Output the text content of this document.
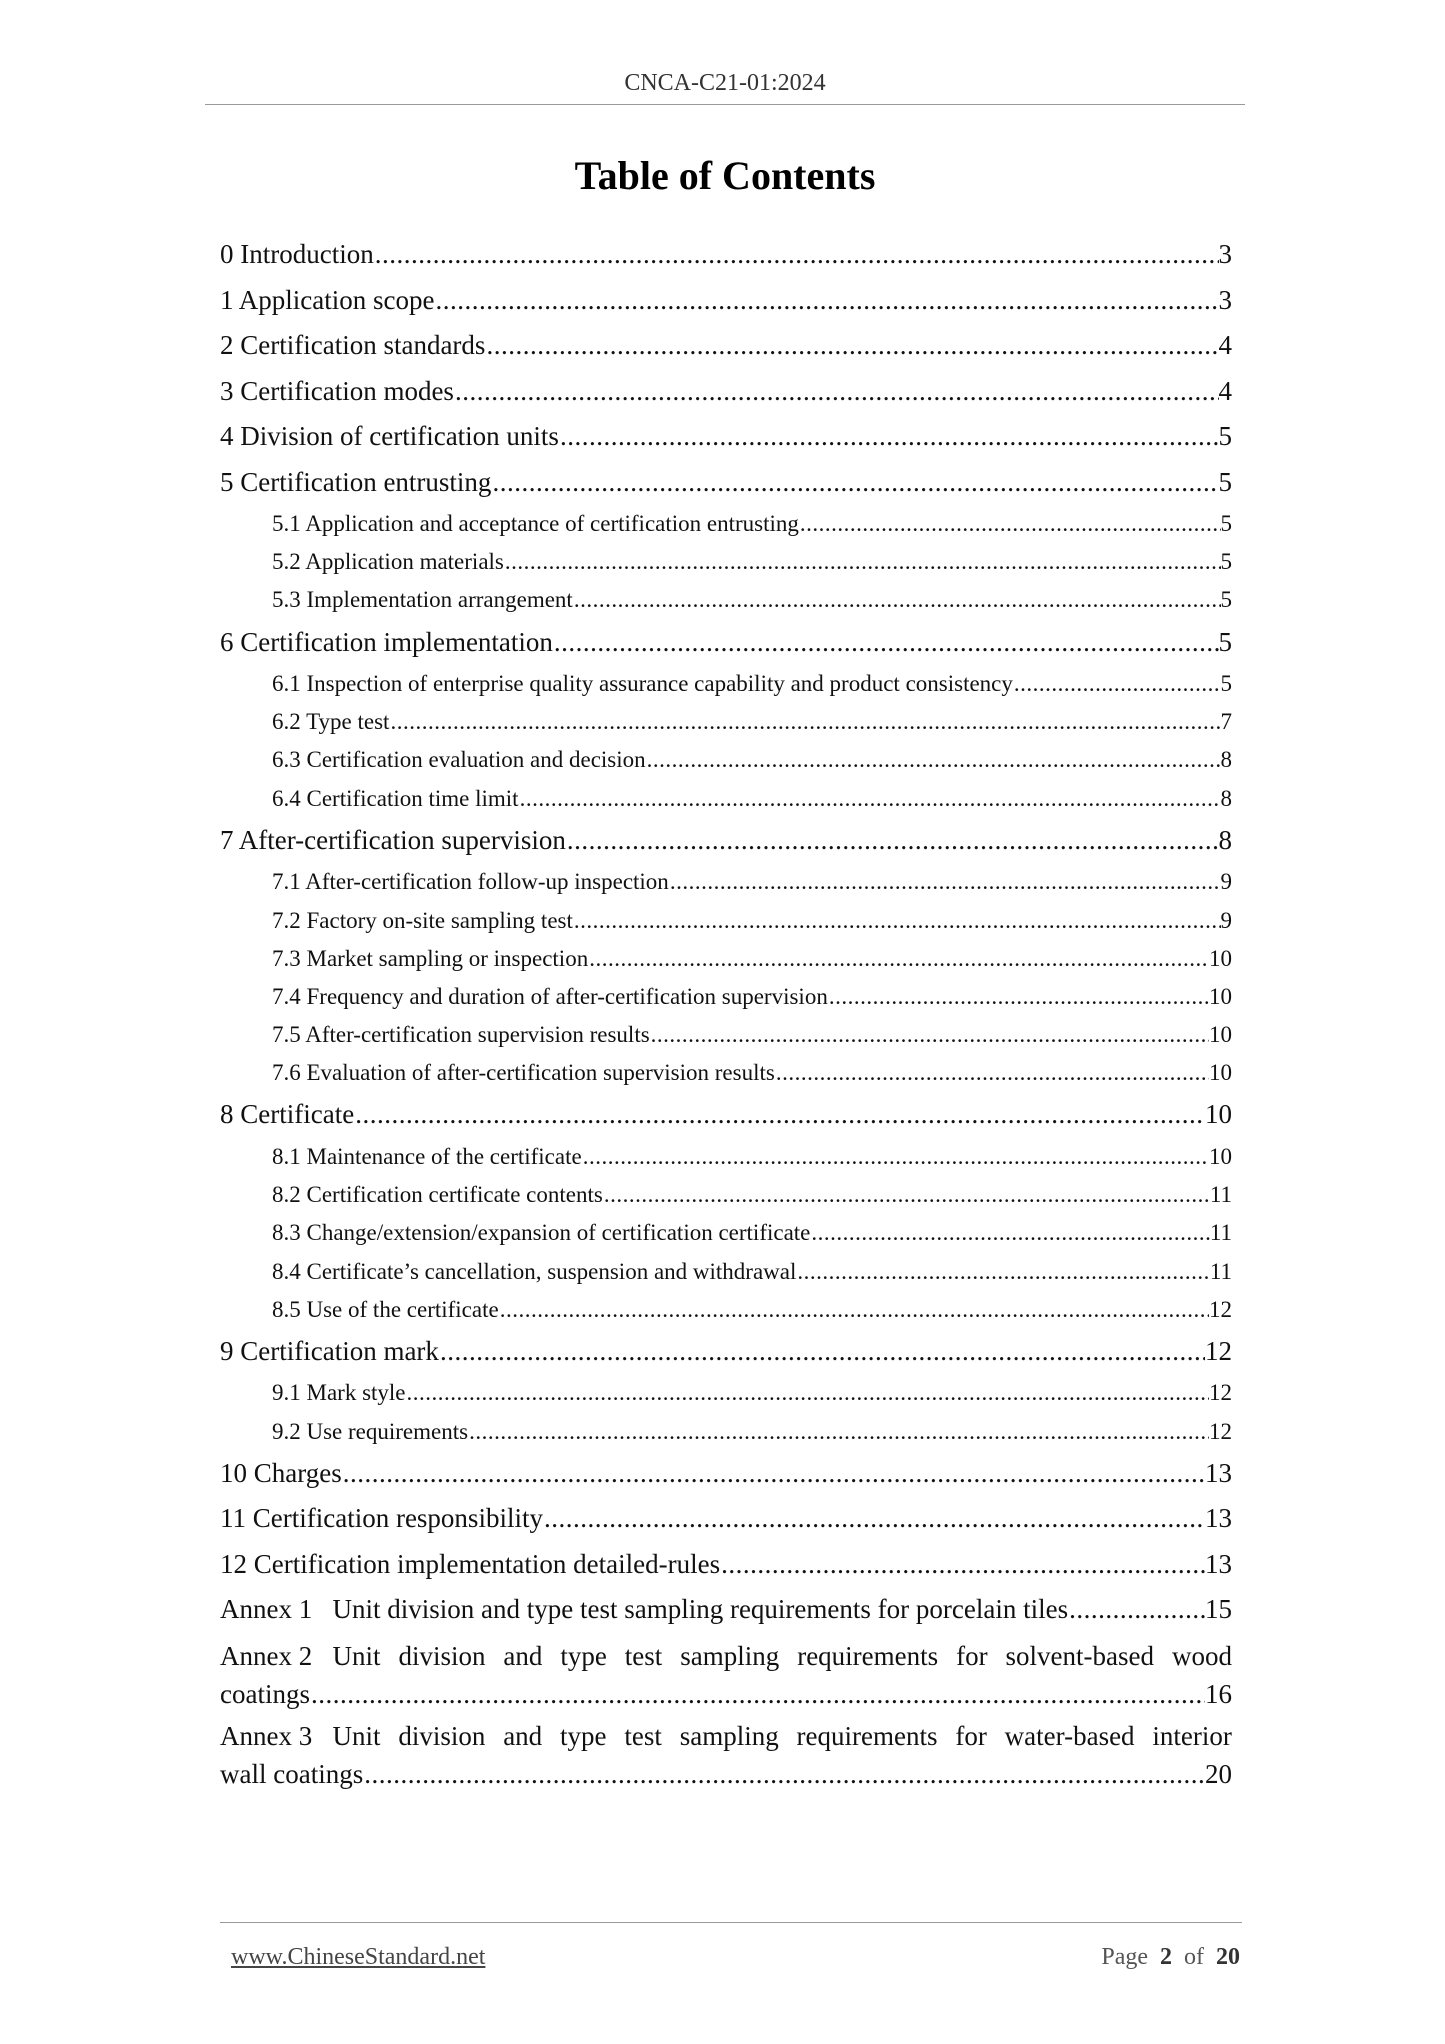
CNCA-C21-01:2024
Table of Contents
0 Introduction .....	3
1 Application scope .....	3
2 Certification standards .....	4
3 Certification modes .....	4
4 Division of certification units .....	5
5 Certification entrusting .....	5
5.1 Application and acceptance of certification entrusting .....	5
5.2 Application materials .....	5
5.3 Implementation arrangement .....	5
6 Certification implementation .....	5
6.1 Inspection of enterprise quality assurance capability and product consistency .....	5
6.2 Type test .....	7
6.3 Certification evaluation and decision .....	8
6.4 Certification time limit .....	8
7 After-certification supervision .....	8
7.1 After-certification follow-up inspection .....	9
7.2 Factory on-site sampling test .....	9
7.3 Market sampling or inspection .....	10
7.4 Frequency and duration of after-certification supervision .....	10
7.5 After-certification supervision results .....	10
7.6 Evaluation of after-certification supervision results .....	10
8 Certificate .....	10
8.1 Maintenance of the certificate .....	10
8.2 Certification certificate contents .....	11
8.3 Change/extension/expansion of certification certificate .....	11
8.4 Certificate’s cancellation, suspension and withdrawal .....	11
8.5 Use of the certificate .....	12
9 Certification mark .....	12
9.1 Mark style .....	12
9.2 Use requirements .....	12
10 Charges .....	13
11 Certification responsibility .....	13
12 Certification implementation detailed-rules .....	13
Annex 1   Unit division and type test sampling requirements for porcelain tiles .....	15
Annex 2   Unit division and type test sampling requirements for solvent-based wood
coatings .....	16
Annex 3   Unit division and type test sampling requirements for water-based interior
wall coatings .....	20
www.ChineseStandard.net	Page 2 of 20
